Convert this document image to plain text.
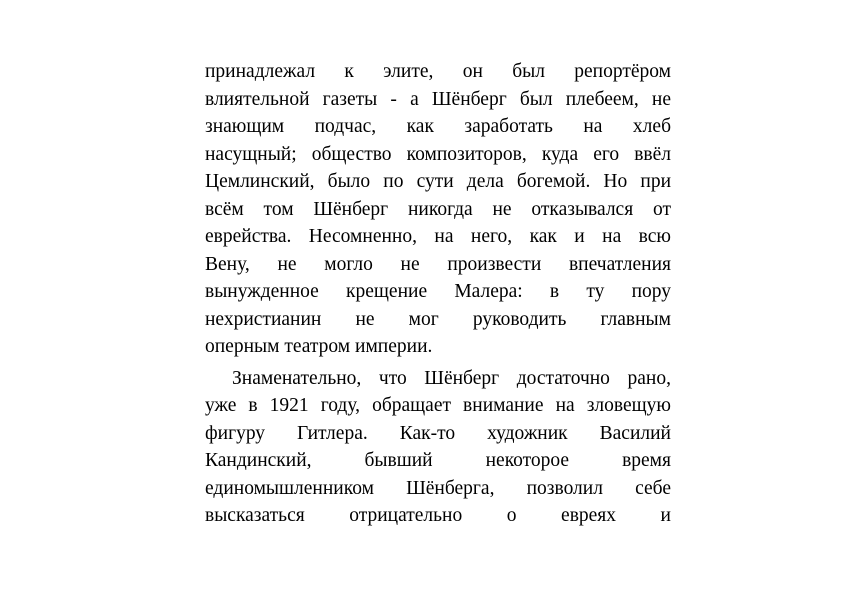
принадлежал к элите, он был репортёром
влиятельной газеты - а Шёнберг был плебеем, не
знающим подчас, как заработать на хлеб
насущный; общество композиторов, куда его ввёл
Цемлинский, было по сути дела богемой. Но при
всём том Шёнберг никогда не отказывался от
еврейства. Несомненно, на него, как и на всю
Вену, не могло не произвести впечатления
вынужденное крещение Малера: в ту пору
нехристианин не мог руководить главным
оперным театром империи.
Знаменательно, что Шёнберг достаточно рано,
уже в 1921 году, обращает внимание на зловещую
фигуру Гитлера. Как-то художник Василий
Кандинский, бывший некоторое время
единомышленником Шёнберга, позволил себе
высказаться отрицательно о евреях и
